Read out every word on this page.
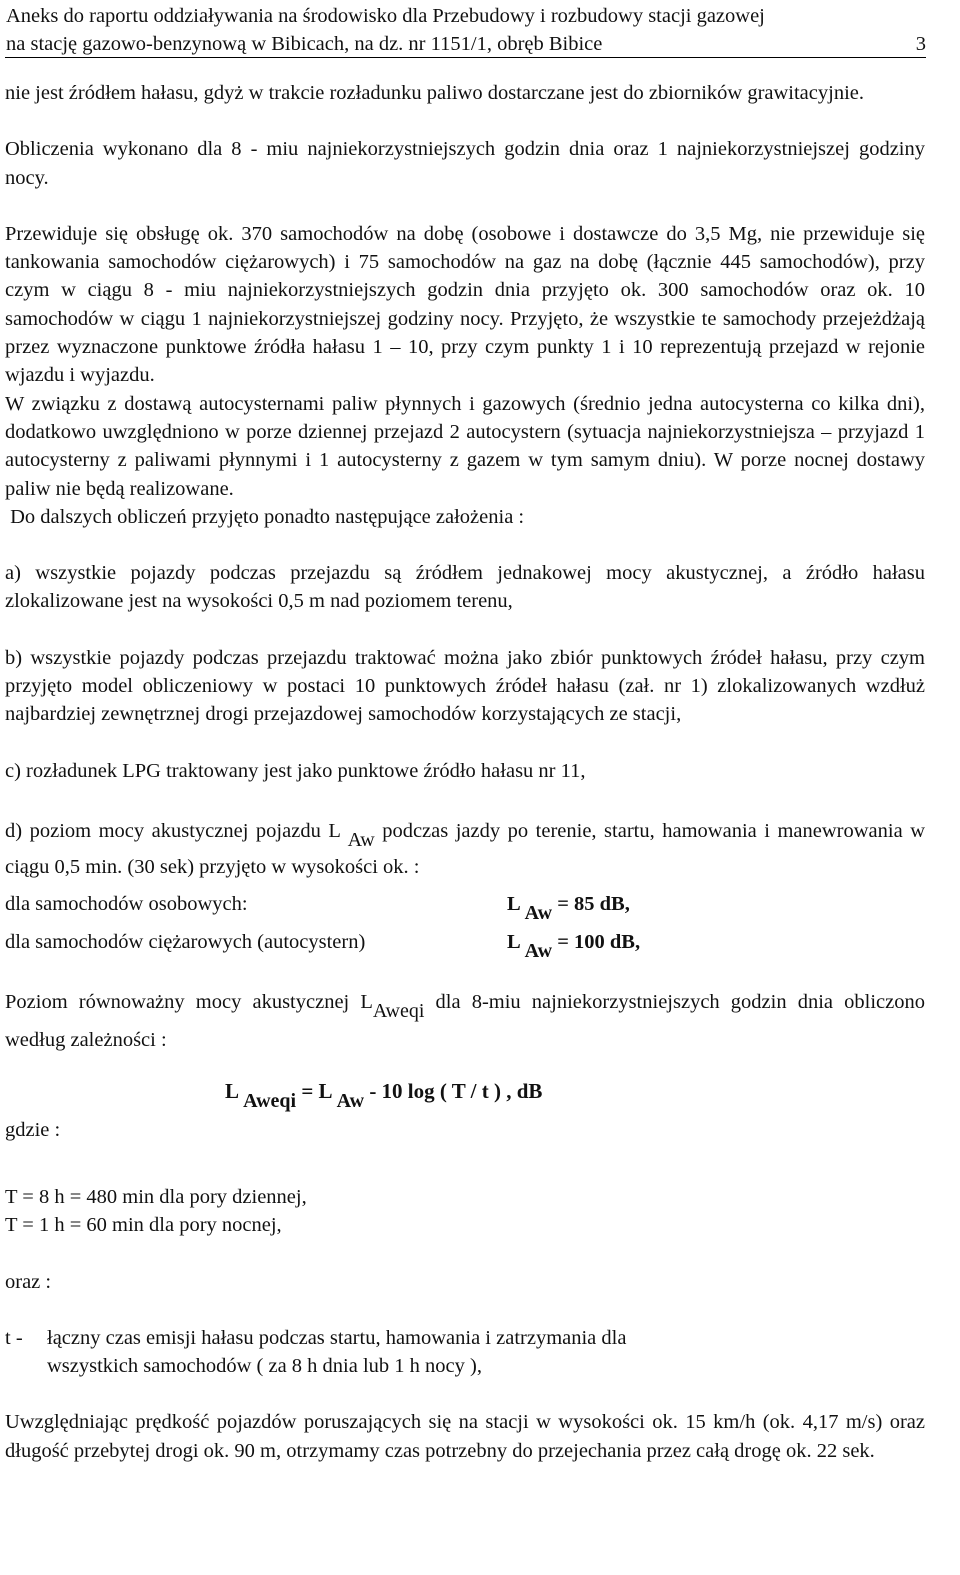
Aneks do raportu oddziaływania na środowisko dla Przebudowy i rozbudowy stacji gazowej
na stację gazowo-benzynową w Bibicach, na dz. nr 1151/1, obręb Bibice	3

nie jest źródłem hałasu, gdyż w trakcie rozładunku paliwo dostarczane jest do zbiorników grawitacyjnie.

Obliczenia wykonano dla 8 - miu najniekorzystniejszych godzin dnia oraz 1 najniekorzystniejszej godziny nocy.

Przewiduje się obsługę ok. 370 samochodów na dobę (osobowe i dostawcze do 3,5 Mg, nie przewiduje się tankowania samochodów ciężarowych) i 75 samochodów na gaz na dobę (łącznie 445 samochodów), przy czym w ciągu 8 - miu najniekorzystniejszych godzin dnia przyjęto ok. 300 samochodów oraz ok. 10 samochodów w ciągu 1 najniekorzystniejszej godziny nocy. Przyjęto, że wszystkie te samochody przejeżdżają przez wyznaczone punktowe źródła hałasu 1 – 10, przy czym punkty 1 i 10 reprezentują przejazd w rejonie wjazdu i wyjazdu.

W związku z dostawą autocysternami paliw płynnych i gazowych (średnio jedna autocysterna co kilka dni), dodatkowo uwzględniono w porze dziennej przejazd 2 autocystern (sytuacja najniekorzystniejsza – przyjazd 1 autocysterny z paliwami płynnymi i 1 autocysterny z gazem w tym samym dniu). W porze nocnej dostawy paliw nie będą realizowane.

Do dalszych obliczeń przyjęto ponadto następujące założenia :

a) wszystkie pojazdy podczas przejazdu są źródłem jednakowej mocy akustycznej, a źródło hałasu zlokalizowane jest na wysokości 0,5 m nad poziomem terenu,

b) wszystkie pojazdy podczas przejazdu traktować można jako zbiór punktowych źródeł hałasu, przy czym przyjęto model obliczeniowy w postaci 10 punktowych źródeł hałasu (zał. nr 1) zlokalizowanych wzdłuż najbardziej zewnętrznej drogi przejazdowej samochodów korzystających ze stacji,

c) rozładunek LPG traktowany jest jako punktowe źródło hałasu nr 11,

d) poziom mocy akustycznej pojazdu L $_{Aw}$ podczas jazdy po terenie, startu, hamowania i manewrowania w ciągu 0,5 min. (30 sek) przyjęto w wysokości ok. :

dla samochodów osobowych:	L $_{Aw}$ = 85 dB,
dla samochodów ciężarowych (autocystern)	L $_{Aw}$ = 100 dB,

Poziom równoważny mocy akustycznej $L_{Aweqi}$ dla 8-miu najniekorzystniejszych godzin dnia obliczono według zależności :

L $_{Aweqi}$ = L $_{Aw}$ - 10 log ( T / t ) , dB
gdzie :

T = 8 h = 480 min dla pory dziennej,

T = 1 h = 60 min dla pory nocnej,

oraz :

t -	łączny czas emisji hałasu podczas startu, hamowania i zatrzymania dla
wszystkich samochodów ( za 8 h dnia lub 1 h nocy ),

Uwzględniając prędkość pojazdów poruszających się na stacji w wysokości ok. 15 km/h (ok. 4,17 m/s) oraz długość przebytej drogi ok. 90 m, otrzymamy czas potrzebny do przejechania przez całą drogę ok. 22 sek.
